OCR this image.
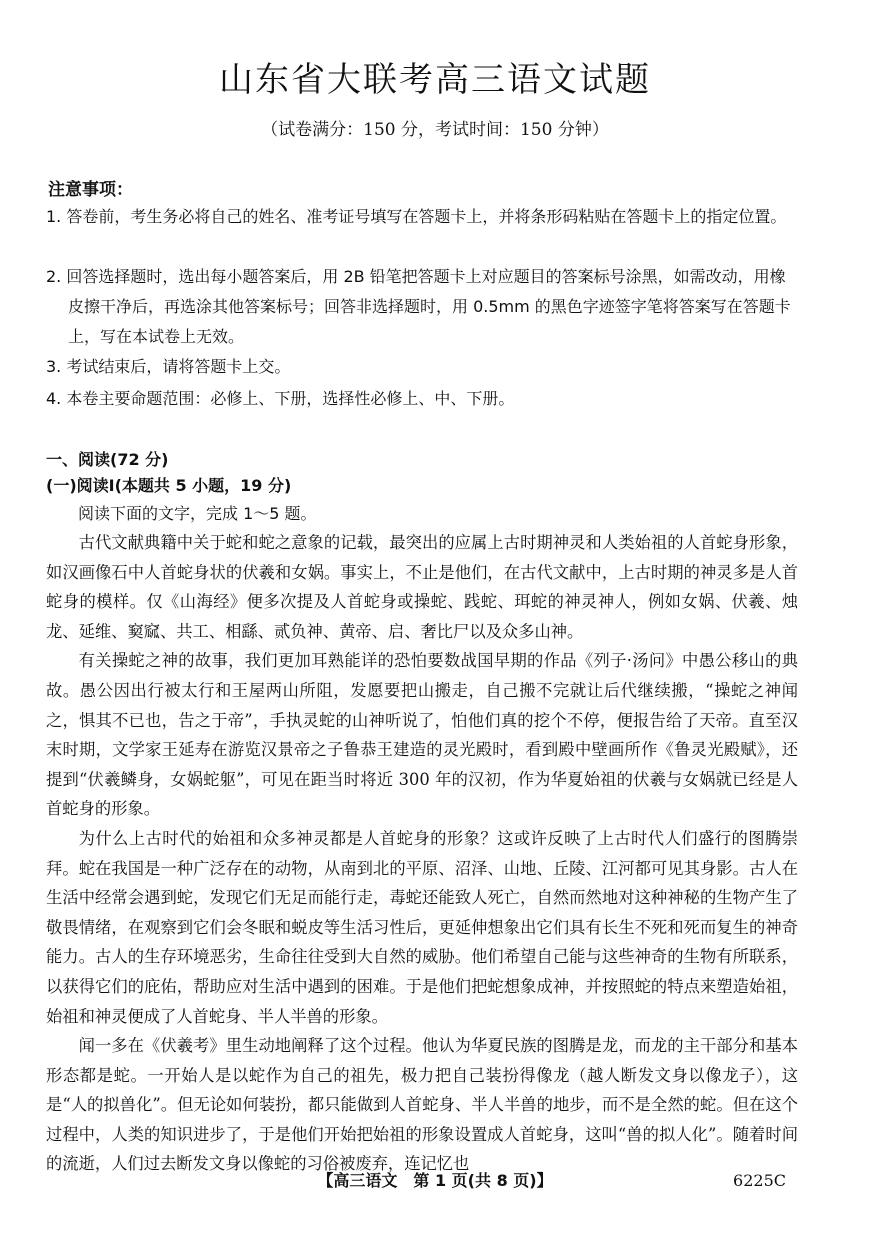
山东省大联考高三语文试题
（试卷满分：150 分，考试时间：150 分钟）
注意事项：

1. 答卷前，考生务必将自己的姓名、准考证号填写在答题卡上，并将条形码粘贴在答题卡上的指定位置。

2. 回答选择题时，选出每小题答案后，用 2B 铅笔把答题卡上对应题目的答案标号涂黑，如需改动，用橡皮擦干净后，再选涂其他答案标号；回答非选择题时，用 0.5mm 的黑色字迹签字笔将答案写在答题卡上，写在本试卷上无效。

3. 考试结束后，请将答题卡上交。

4. 本卷主要命题范围：必修上、下册，选择性必修上、中、下册。

一、阅读(72 分)
(一)阅读Ⅰ(本题共 5 小题，19 分)
阅读下面的文字，完成 1～5 题。

古代文献典籍中关于蛇和蛇之意象的记载，最突出的应属上古时期神灵和人类始祖的人首蛇身形象，如汉画像石中人首蛇身状的伏羲和女娲。事实上，不止是他们，在古代文献中，上古时期的神灵多是人首蛇身的模样。仅《山海经》便多次提及人首蛇身或操蛇、践蛇、珥蛇的神灵神人，例如女娲、伏羲、烛龙、延维、窫窳、共工、相繇、贰负神、黄帝、启、奢比尸以及众多山神。

有关操蛇之神的故事，我们更加耳熟能详的恐怕要数战国早期的作品《列子·汤问》中愚公移山的典故。愚公因出行被太行和王屋两山所阻，发愿要把山搬走，自己搬不完就让后代继续搬，“操蛇之神闻之，惧其不已也，告之于帝”，手执灵蛇的山神听说了，怕他们真的挖个不停，便报告给了天帝。直至汉末时期，文学家王延寿在游览汉景帝之子鲁恭王建造的灵光殿时，看到殿中壁画所作《鲁灵光殿赋》，还提到“伏羲鳞身，女娲蛇躯”，可见在距当时将近 300 年的汉初，作为华夏始祖的伏羲与女娲就已经是人首蛇身的形象。

为什么上古时代的始祖和众多神灵都是人首蛇身的形象？这或许反映了上古时代人们盛行的图腾崇拜。蛇在我国是一种广泛存在的动物，从南到北的平原、沼泽、山地、丘陵、江河都可见其身影。古人在生活中经常会遇到蛇，发现它们无足而能行走，毒蛇还能致人死亡，自然而然地对这种神秘的生物产生了敬畏情绪，在观察到它们会冬眠和蜕皮等生活习性后，更延伸想象出它们具有长生不死和死而复生的神奇能力。古人的生存环境恶劣，生命往往受到大自然的威胁。他们希望自己能与这些神奇的生物有所联系，以获得它们的庇佑，帮助应对生活中遇到的困难。于是他们把蛇想象成神，并按照蛇的特点来塑造始祖，始祖和神灵便成了人首蛇身、半人半兽的形象。

闻一多在《伏羲考》里生动地阐释了这个过程。他认为华夏民族的图腾是龙，而龙的主干部分和基本形态都是蛇。一开始人是以蛇作为自己的祖先，极力把自己装扮得像龙（越人断发文身以像龙子），这是“人的拟兽化”。但无论如何装扮，都只能做到人首蛇身、半人半兽的地步，而不是全然的蛇。但在这个过程中，人类的知识进步了，于是他们开始把始祖的形象设置成人首蛇身，这叫“兽的拟人化”。随着时间的流逝，人们过去断发文身以像蛇的习俗被废弃，连记忆也

【高三语文　第 1 页(共 8 页)】	6225C
